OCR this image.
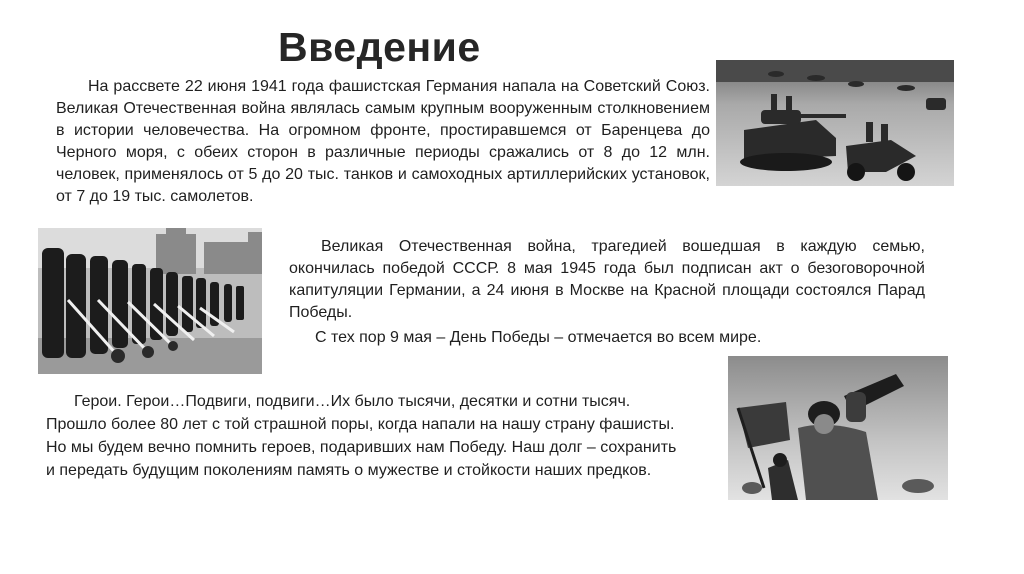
Введение

На рассвете 22 июня 1941 года фашистская Германия напала на Советский Союз. Великая Отечественная война являлась самым крупным вооруженным столкновением в истории человечества. На огромном фронте, простиравшемся от Баренцева до Черного моря, с обеих сторон в различные периоды сражались от 8 до 12 млн. человек, применялось от 5 до 20 тыс. танков и самоходных артиллерийских установок, от 7 до 19 тыс. самолетов.

Великая Отечественная война, трагедией вошедшая в каждую семью, окончилась победой СССР. 8 мая 1945 года был подписан акт о безоговорочной капитуляции Германии, а 24 июня в Москве на Красной площади состоялся Парад Победы.

С тех пор 9 мая – День Победы – отмечается во всем мире.

Герои. Герои…Подвиги, подвиги…Их было тысячи, десятки и сотни тысяч. Прошло более 80 лет с той страшной поры, когда напали на нашу страну фашисты. Но мы будем вечно помнить героев, подаривших нам Победу. Наш долг – сохранить и передать будущим поколениям память о мужестве и стойкости наших предков.
